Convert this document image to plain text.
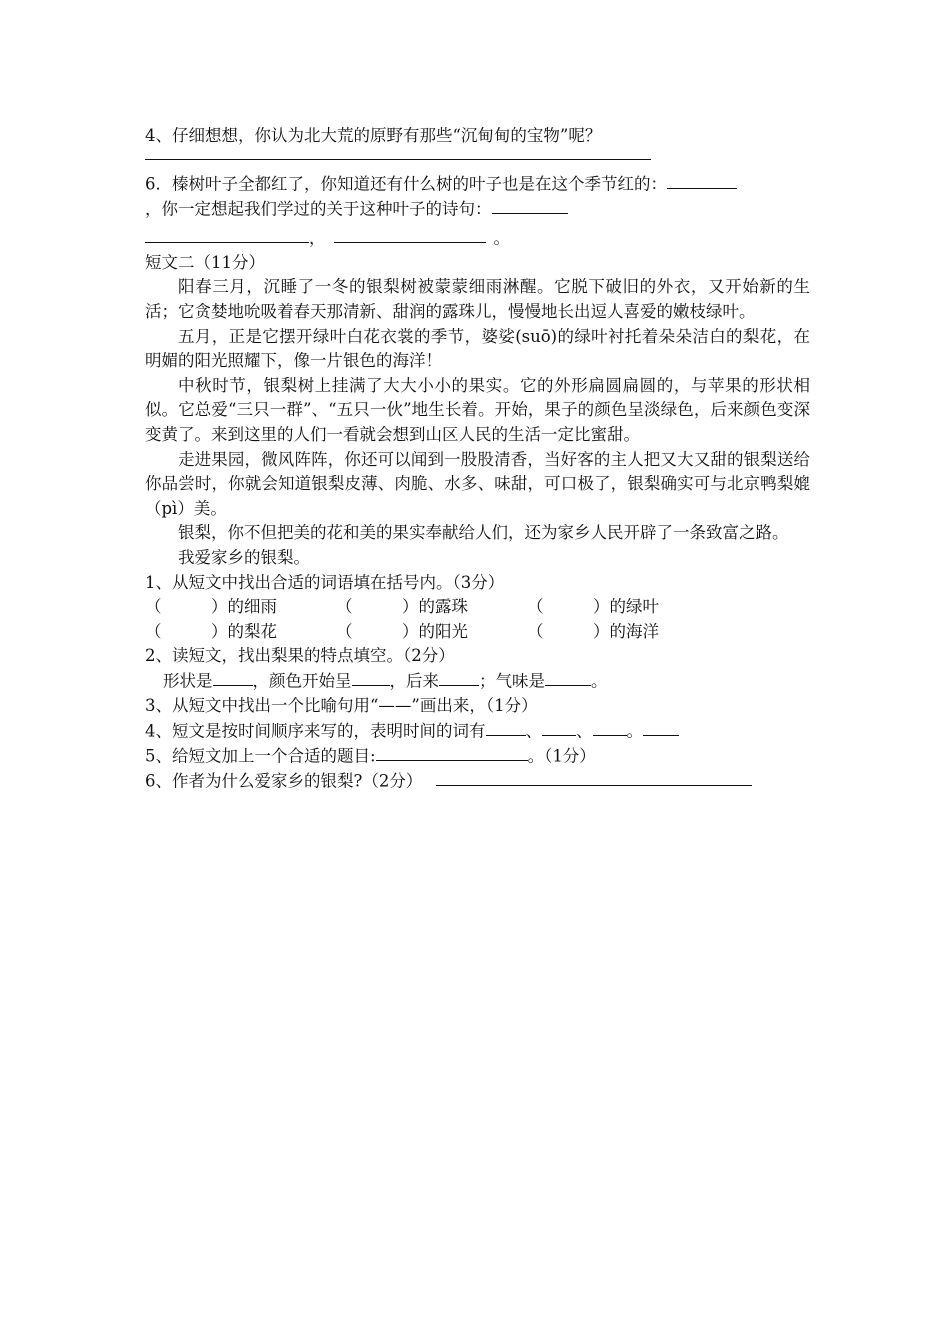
4、仔细想想，你认为北大荒的原野有那些“沉甸甸的宝物”呢？
6．榛树叶子全都红了，你知道还有什么树的叶子也是在这个季节红的：
，你一定想起我们学过的关于这种叶子的诗句：
，	。
短文二（11分）
阳春三月，沉睡了一冬的银梨树被蒙蒙细雨淋醒。它脱下破旧的外衣，又开始新的生活；它贪婪地吮吸着春天那清新、甜润的露珠儿，慢慢地长出逗人喜爱的嫩枝绿叶。
五月，正是它摆开绿叶白花衣裳的季节，婆娑(suō)的绿叶衬托着朵朵洁白的梨花，在明媚的阳光照耀下，像一片银色的海洋！
中秋时节，银梨树上挂满了大大小小的果实。它的外形扁圆扁圆的，与苹果的形状相似。它总爱“三只一群”、“五只一伙”地生长着。开始，果子的颜色呈淡绿色，后来颜色变深变黄了。来到这里的人们一看就会想到山区人民的生活一定比蜜甜。
走进果园，微风阵阵，你还可以闻到一股股清香，当好客的主人把又大又甜的银梨送给你品尝时，你就会知道银梨皮薄、肉脆、水多、味甜，可口极了，银梨确实可与北京鸭梨媲（pì）美。
银梨，你不但把美的花和美的果实奉献给人们，还为家乡人民开辟了一条致富之路。
我爱家乡的银梨。
1、从短文中找出合适的词语填在括号内。（3分）
（　　　）的细雨	（　　　）的露珠	（　　　）的绿叶
（　　　）的梨花	（　　　）的阳光	（　　　）的海洋
2、读短文，找出梨果的特点填空。（2分）
形状是 ，颜色开始呈 ，后来 ；气味是	。
3、从短文中找出一个比喻句用“——”画出来，（1分）
4、短文是按时间顺序来写的，表明时间的词有 、 、 。
5、给短文加上一个合适的题目:	。（1分）
6、作者为什么爱家乡的银梨?（2分）
